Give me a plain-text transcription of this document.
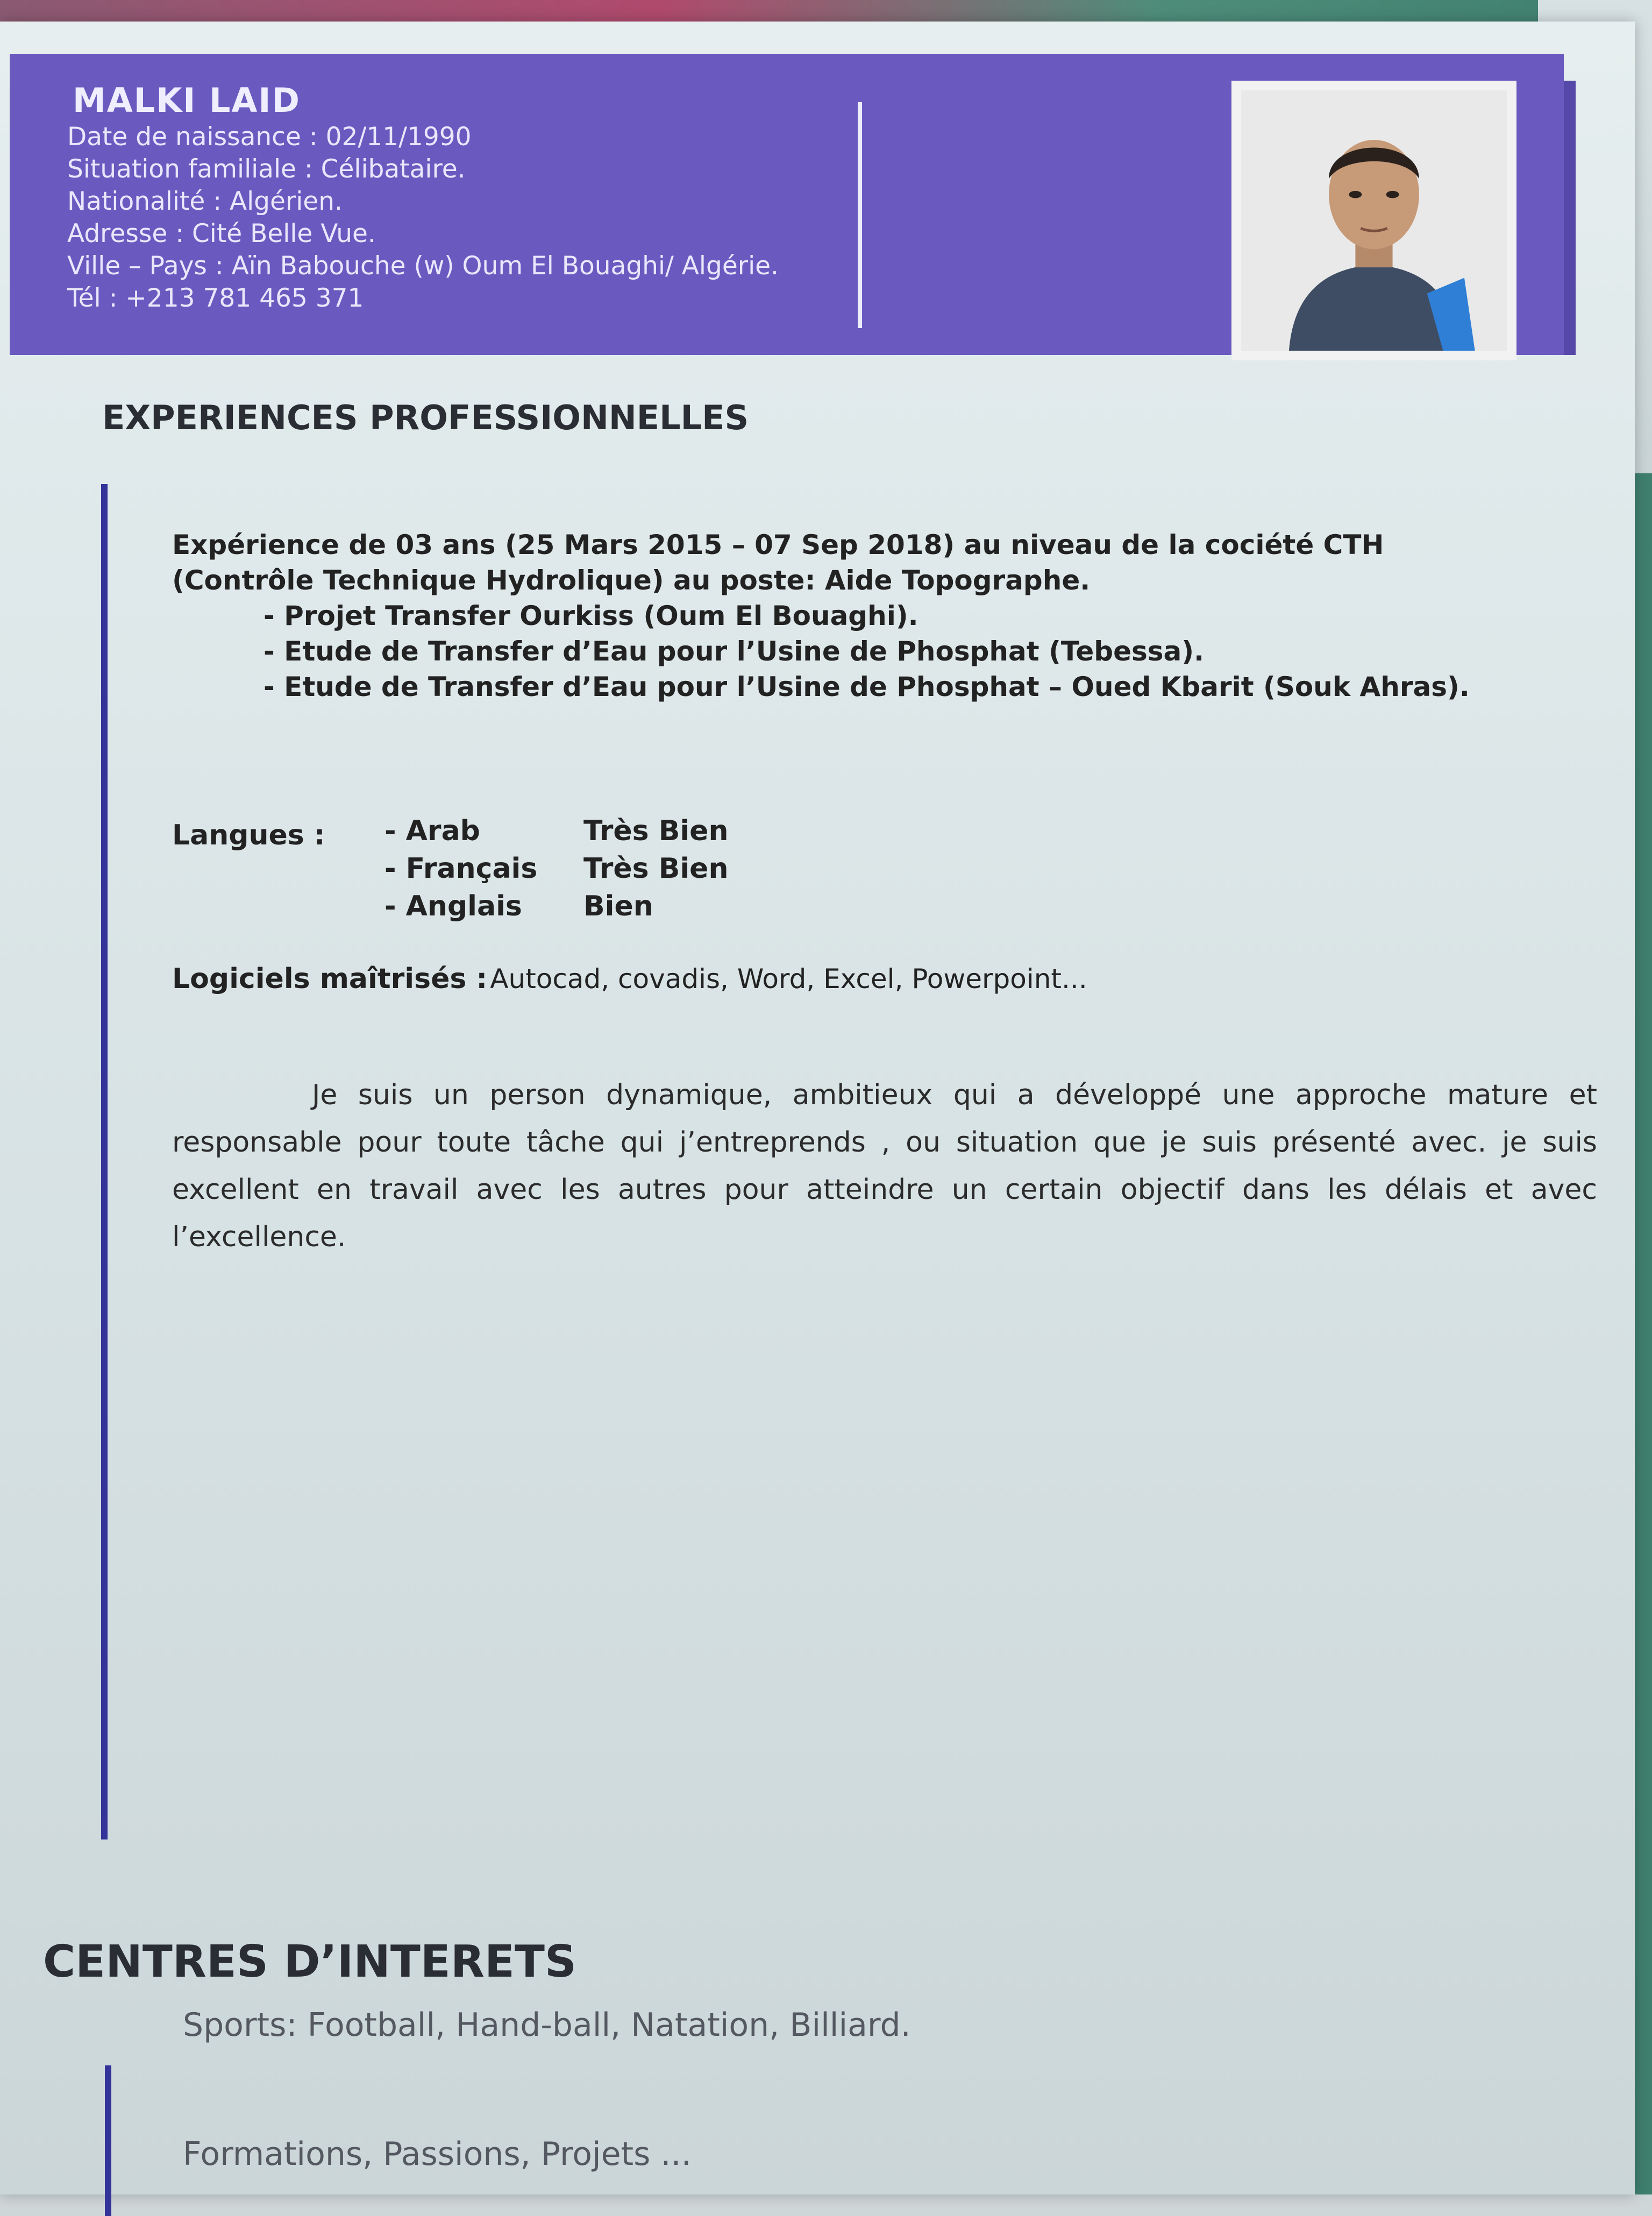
MALKI LAID
Date de naissance : 02/11/1990
Situation familiale : Célibataire.
Nationalité : Algérien.
Adresse : Cité Belle Vue.
Ville – Pays : Aïn Babouche (w) Oum El Bouaghi/ Algérie.
Tél : +213 781 465 371
EXPERIENCES PROFESSIONNELLES
Expérience de 03 ans (25 Mars 2015 – 07 Sep 2018) au niveau de la cociété CTH
(Contrôle Technique Hydrolique) au poste: Aide Topographe.
- Projet Transfer Ourkiss (Oum El Bouaghi).
- Etude de Transfer d’Eau pour l’Usine de Phosphat (Tebessa).
- Etude de Transfer d’Eau pour l’Usine de Phosphat – Oued Kbarit (Souk Ahras).
Langues : - Arab	Très Bien
- Français Très Bien
- Anglais Bien
Logiciels maîtrisés : Autocad, covadis, Word, Excel, Powerpoint...

Je suis un person dynamique, ambitieux qui a développé une approche mature et responsable pour toute tâche qui j’entreprends , ou situation que je suis présenté avec. je suis excellent en travail avec les autres pour atteindre un certain objectif dans les délais et avec l’excellence.

CENTRES D’INTERETS
Sports: Football, Hand-ball, Natation, Billiard.
Formations, Passions, Projets ...
